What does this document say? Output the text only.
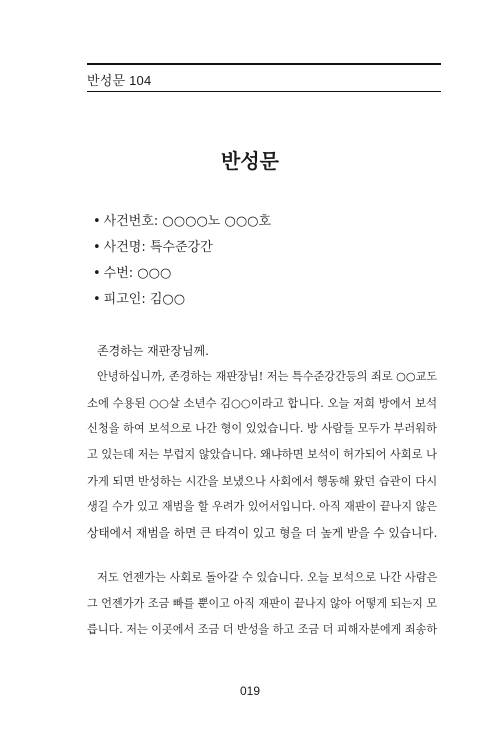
반성문 104
반성문
• 사건번호: ○○○○노 ○○○호
• 사건명: 특수준강간
• 수번: ○○○
• 피고인: 김○○
존경하는 재판장님께.
안녕하십니까, 존경하는 재판장님! 저는 특수준강간등의 죄로 ○○교도
소에 수용된 ○○살 소년수 김○○이라고 합니다. 오늘 저희 방에서 보석
신청을 하여 보석으로 나간 형이 있었습니다. 방 사람들 모두가 부러워하
고 있는데 저는 부럽지 않았습니다. 왜냐하면 보석이 허가되어 사회로 나
가게 되면 반성하는 시간을 보냈으나 사회에서 행동해 왔던 습관이 다시
생길 수가 있고 재범을 할 우려가 있어서입니다. 아직 재판이 끝나지 않은
상태에서 재범을 하면 큰 타격이 있고 형을 더 높게 받을 수 있습니다.
저도 언젠가는 사회로 돌아갈 수 있습니다. 오늘 보석으로 나간 사람은
그 언젠가가 조금 빠를 뿐이고 아직 재판이 끝나지 않아 어떻게 되는지 모
릅니다. 저는 이곳에서 조금 더 반성을 하고 조금 더 피해자분에게 죄송하
019
